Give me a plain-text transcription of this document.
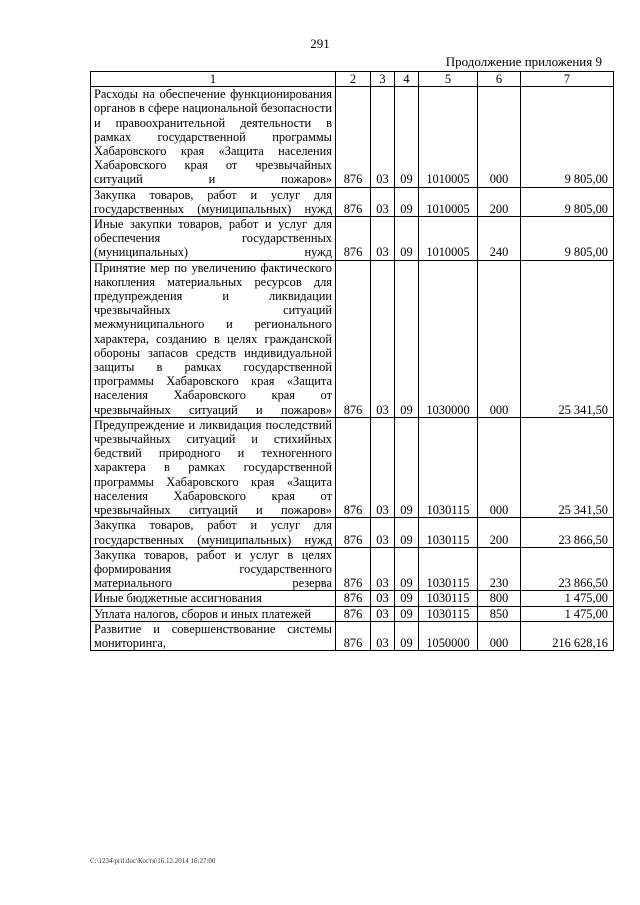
291
Продолжение приложения 9
1	2	3	4	5	6	7
Расходы на обеспечение функционирования органов в сфере национальной безопасности и правоохранительной деятельности в рамках государственной программы Хабаровского края «Защита населения Хабаровского края от чрезвычайных ситуаций и пожаров»	876	03	09	1010005	000	9 805,00
Закупка товаров, работ и услуг для государственных (муниципальных) нужд	876	03	09	1010005	200	9 805,00
Иные закупки товаров, работ и услуг для обеспечения государственных (муниципальных) нужд	876	03	09	1010005	240	9 805,00
Принятие мер по увеличению фактического накопления материальных ресурсов для предупреждения и ликвидации чрезвычайных ситуаций межмуниципального и регионального характера, созданию в целях гражданской обороны запасов средств индивидуальной защиты в рамках государственной программы Хабаровского края «Защита населения Хабаровского края от чрезвычайных ситуаций и пожаров»	876	03	09	1030000	000	25 341,50
Предупреждение и ликвидация последствий чрезвычайных ситуаций и стихийных бедствий природного и техногенного характера в рамках государственной программы Хабаровского края «Защита населения Хабаровского края от чрезвычайных ситуаций и пожаров»	876	03	09	1030115	000	25 341,50
Закупка товаров, работ и услуг для государственных (муниципальных) нужд	876	03	09	1030115	200	23 866,50
Закупка товаров, работ и услуг в целях формирования государственного материального резерва	876	03	09	1030115	230	23 866,50
Иные бюджетные ассигнования	876	03	09	1030115	800	1 475,00
Уплата налогов, сборов и иных платежей	876	03	09	1030115	850	1 475,00
Развитие и совершенствование системы мониторинга,	876	03	09	1050000	000	216 628,16
C:\1234\pril.doc\Костя\16.12.2014 16:27:00
